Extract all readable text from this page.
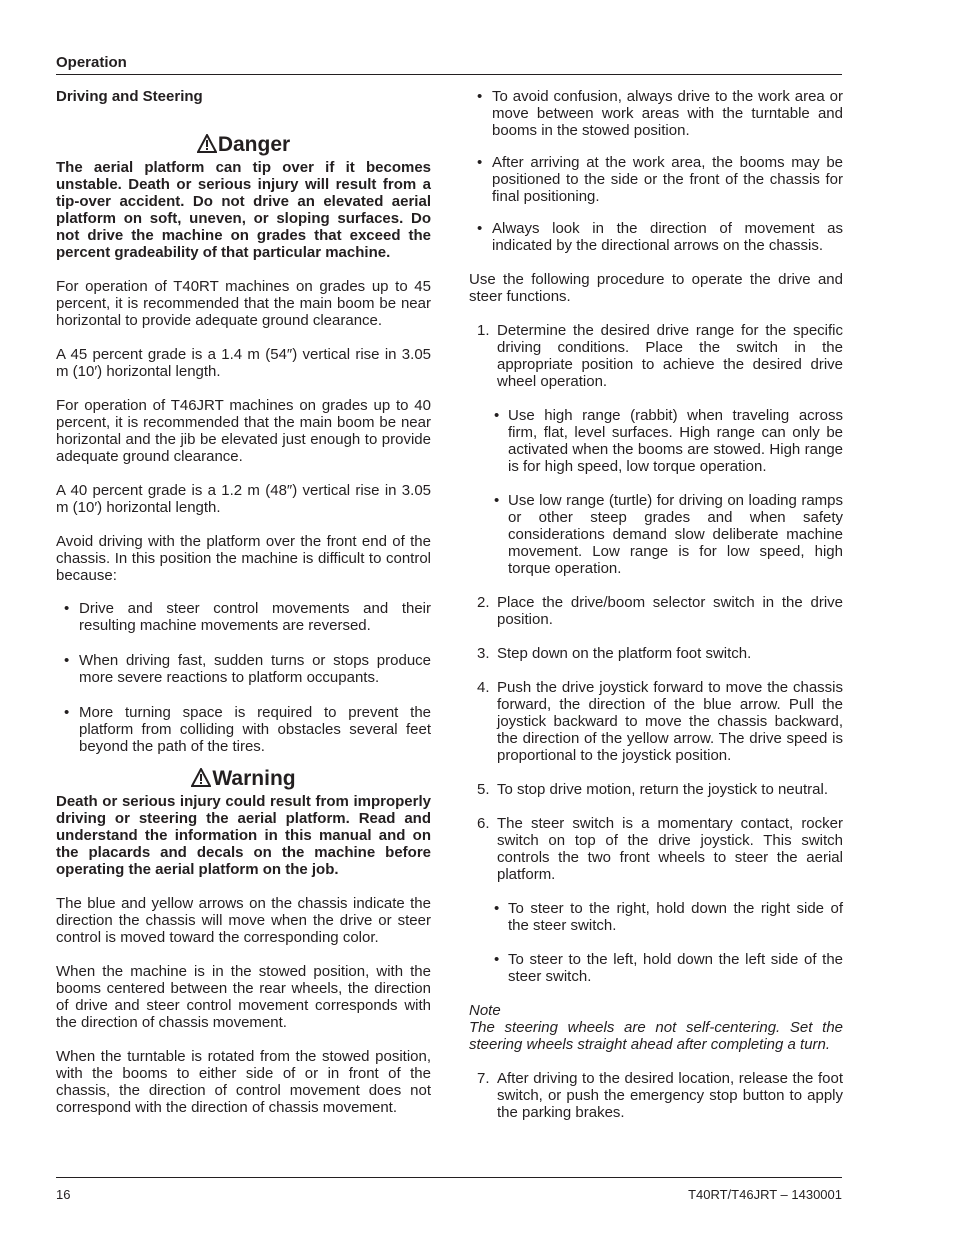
Operation
Driving and Steering
Danger

The aerial platform can tip over if it becomes unstable. Death or serious injury will result from a tip-over accident. Do not drive an elevated aerial platform on soft, uneven, or sloping surfaces. Do not drive the machine on grades that exceed the percent gradeability of that particular machine.

For operation of T40RT machines on grades up to 45 percent, it is recommended that the main boom be near horizontal to provide adequate ground clearance.

A 45 percent grade is a 1.4 m (54″) vertical rise in 3.05 m (10′) horizontal length.

For operation of T46JRT machines on grades up to 40 percent, it is recommended that the main boom be near horizontal and the jib be elevated just enough to provide adequate ground clearance.

A 40 percent grade is a 1.2 m (48″) vertical rise in 3.05 m (10′) horizontal length.

Avoid driving with the platform over the front end of the chassis. In this position the machine is difficult to control because:

• Drive and steer control movements and their resulting machine movements are reversed.
• When driving fast, sudden turns or stops produce more severe reactions to platform occupants.
• More turning space is required to prevent the platform from colliding with obstacles several feet beyond the path of the tires.
Warning

Death or serious injury could result from improperly driving or steering the aerial platform. Read and understand the information in this manual and on the placards and decals on the machine before operating the aerial platform on the job.

The blue and yellow arrows on the chassis indicate the direction the chassis will move when the drive or steer control is moved toward the corresponding color.

When the machine is in the stowed position, with the booms centered between the rear wheels, the direction of drive and steer control movement corresponds with the direction of chassis movement.

When the turntable is rotated from the stowed position, with the booms to either side of or in front of the chassis, the direction of control movement does not correspond with the direction of chassis movement.

• To avoid confusion, always drive to the work area or move between work areas with the turntable and booms in the stowed position.
• After arriving at the work area, the booms may be positioned to the side or the front of the chassis for final positioning.
• Always look in the direction of movement as indicated by the directional arrows on the chassis.

Use the following procedure to operate the drive and steer functions.

1. Determine the desired drive range for the specific driving conditions. Place the switch in the appropriate position to achieve the desired drive wheel operation.
• Use high range (rabbit) when traveling across firm, flat, level surfaces. High range can only be activated when the booms are stowed. High range is for high speed, low torque operation.
• Use low range (turtle) for driving on loading ramps or other steep grades and when safety considerations demand slow deliberate machine movement. Low range is for low speed, high torque operation.
2. Place the drive/boom selector switch in the drive position.
3. Step down on the platform foot switch.
4. Push the drive joystick forward to move the chassis forward, the direction of the blue arrow. Pull the joystick backward to move the chassis backward, the direction of the yellow arrow. The drive speed is proportional to the joystick position.
5. To stop drive motion, return the joystick to neutral.
6. The steer switch is a momentary contact, rocker switch on top of the drive joystick. This switch controls the two front wheels to steer the aerial platform.
• To steer to the right, hold down the right side of the steer switch.
• To steer to the left, hold down the left side of the steer switch.

Note

The steering wheels are not self-centering. Set the steering wheels straight ahead after completing a turn.

7. After driving to the desired location, release the foot switch, or push the emergency stop button to apply the parking brakes.
16	T40RT/T46JRT – 1430001
